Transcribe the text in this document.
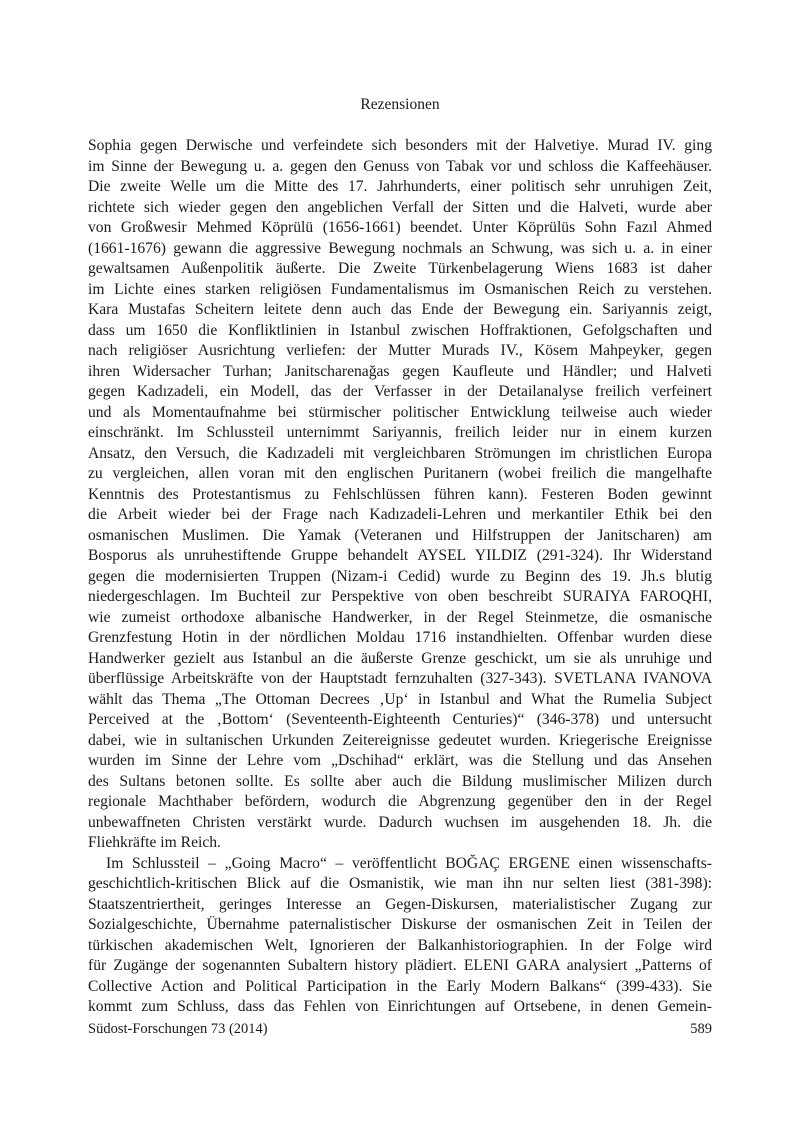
Rezensionen
Sophia gegen Derwische und verfeindete sich besonders mit der Halvetiye. Murad IV. ging
im Sinne der Bewegung u. a. gegen den Genuss von Tabak vor und schloss die Kaffeehäuser.
Die zweite Welle um die Mitte des 17. Jahrhunderts, einer politisch sehr unruhigen Zeit,
richtete sich wieder gegen den angeblichen Verfall der Sitten und die Halveti, wurde aber
von Großwesir Mehmed Köprülü (1656-1661) beendet. Unter Köprülüs Sohn Fazıl Ahmed
(1661-1676) gewann die aggressive Bewegung nochmals an Schwung, was sich u. a. in einer
gewaltsamen Außenpolitik äußerte. Die Zweite Türkenbelagerung Wiens 1683 ist daher
im Lichte eines starken religiösen Fundamentalismus im Osmanischen Reich zu verstehen.
Kara Mustafas Scheitern leitete denn auch das Ende der Bewegung ein. Sariyannis zeigt,
dass um 1650 die Konfliktlinien in Istanbul zwischen Hoffraktionen, Gefolgschaften und
nach religiöser Ausrichtung verliefen: der Mutter Murads IV., Kösem Mahpeyker, gegen
ihren Widersacher Turhan; Janitscharenağas gegen Kaufleute und Händler; und Halveti
gegen Kadızadeli, ein Modell, das der Verfasser in der Detailanalyse freilich verfeinert
und als Momentaufnahme bei stürmischer politischer Entwicklung teilweise auch wieder
einschränkt. Im Schlussteil unternimmt Sariyannis, freilich leider nur in einem kurzen
Ansatz, den Versuch, die Kadızadeli mit vergleichbaren Strömungen im christlichen Europa
zu vergleichen, allen voran mit den englischen Puritanern (wobei freilich die mangelhafte
Kenntnis des Protestantismus zu Fehlschlüssen führen kann). Festeren Boden gewinnt
die Arbeit wieder bei der Frage nach Kadızadeli-Lehren und merkantiler Ethik bei den
osmanischen Muslimen. Die Yamak (Veteranen und Hilfstruppen der Janitscharen) am
Bosporus als unruhestiftende Gruppe behandelt AYSEL YILDIZ (291-324). Ihr Widerstand
gegen die modernisierten Truppen (Nizam-i Cedid) wurde zu Beginn des 19. Jh.s blutig
niedergeschlagen. Im Buchteil zur Perspektive von oben beschreibt SURAIYA FAROQHI,
wie zumeist orthodoxe albanische Handwerker, in der Regel Steinmetze, die osmanische
Grenzfestung Hotin in der nördlichen Moldau 1716 instandhielten. Offenbar wurden diese
Handwerker gezielt aus Istanbul an die äußerste Grenze geschickt, um sie als unruhige und
überflüssige Arbeitskräfte von der Hauptstadt fernzuhalten (327-343). SVETLANA IVANOVA
wählt das Thema „The Ottoman Decrees ‚Up‘ in Istanbul and What the Rumelia Subject
Perceived at the ‚Bottom‘ (Seventeenth-Eighteenth Centuries)“ (346-378) und untersucht
dabei, wie in sultanischen Urkunden Zeitereignisse gedeutet wurden. Kriegerische Ereignisse
wurden im Sinne der Lehre vom „Dschihad“ erklärt, was die Stellung und das Ansehen
des Sultans betonen sollte. Es sollte aber auch die Bildung muslimischer Milizen durch
regionale Machthaber befördern, wodurch die Abgrenzung gegenüber den in der Regel
unbewaffneten Christen verstärkt wurde. Dadurch wuchsen im ausgehenden 18. Jh. die
Fliehkräfte im Reich.
Im Schlussteil – „Going Macro“ – veröffentlicht BOĞAÇ ERGENE einen wissenschafts-
geschichtlich-kritischen Blick auf die Osmanistik, wie man ihn nur selten liest (381-398):
Staatszentriertheit, geringes Interesse an Gegen-Diskursen, materialistischer Zugang zur
Sozialgeschichte, Übernahme paternalistischer Diskurse der osmanischen Zeit in Teilen der
türkischen akademischen Welt, Ignorieren der Balkanhistoriographien. In der Folge wird
für Zugänge der sogenannten Subaltern history plädiert. ELENI GARA analysiert „Patterns of
Collective Action and Political Participation in the Early Modern Balkans“ (399-433). Sie
kommt zum Schluss, dass das Fehlen von Einrichtungen auf Ortsebene, in denen Gemein-
Südost-Forschungen 73 (2014)	589
